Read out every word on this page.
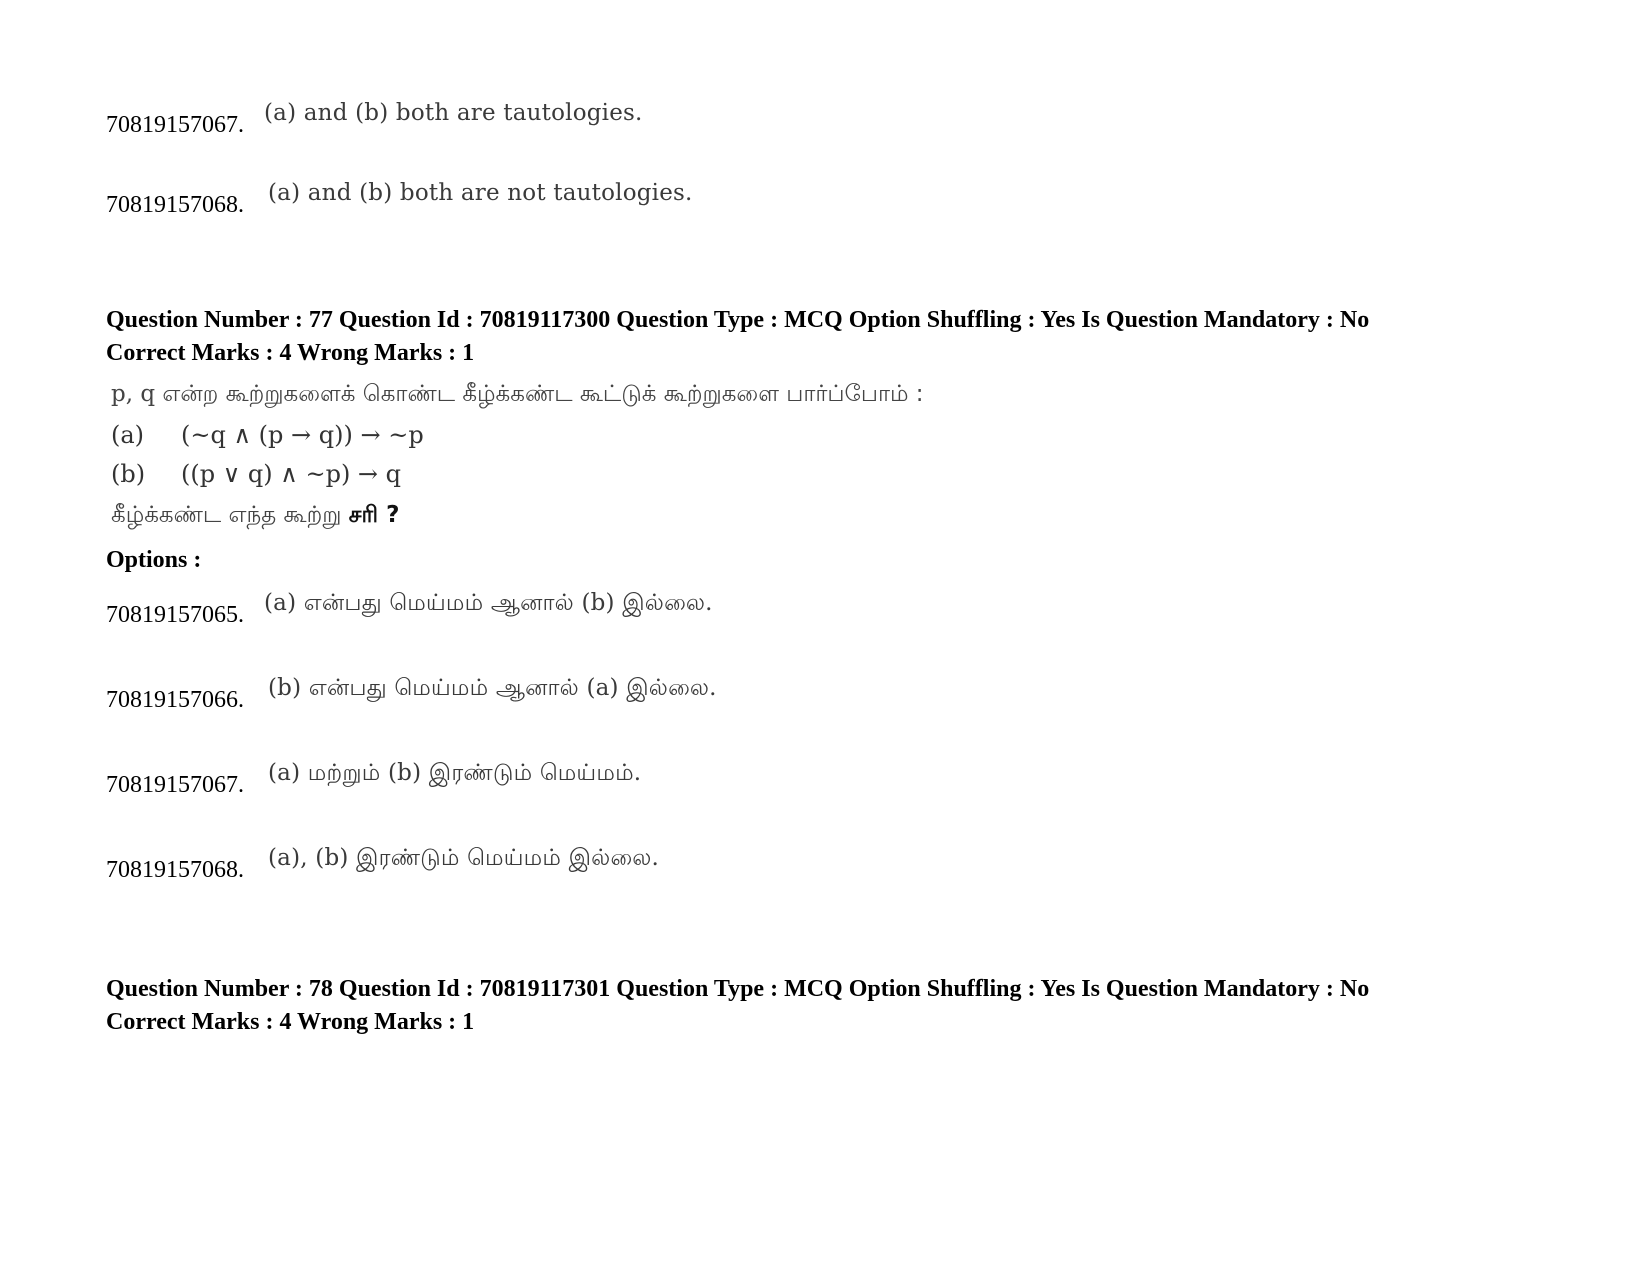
70819157067. (a) and (b) both are tautologies.
70819157068. (a) and (b) both are not tautologies.
Question Number : 77 Question Id : 70819117300 Question Type : MCQ Option Shuffling : Yes Is Question Mandatory : No
Correct Marks : 4 Wrong Marks : 1
p, q என்ற கூற்றுகளைக் கொண்ட கீழ்க்கண்ட கூட்டுக் கூற்றுகளை பார்ப்போம் :
(a) (~q ∧ (p → q)) → ~p
(b) ((p ∨ q) ∧ ~p) → q
கீழ்க்கண்ட எந்த கூற்று சரி ?
Options :
70819157065. (a) என்பது மெய்மம் ஆனால் (b) இல்லை.
70819157066. (b) என்பது மெய்மம் ஆனால் (a) இல்லை.
70819157067. (a) மற்றும் (b) இரண்டும் மெய்மம்.
70819157068. (a), (b) இரண்டும் மெய்மம் இல்லை.
Question Number : 78 Question Id : 70819117301 Question Type : MCQ Option Shuffling : Yes Is Question Mandatory : No
Correct Marks : 4 Wrong Marks : 1
